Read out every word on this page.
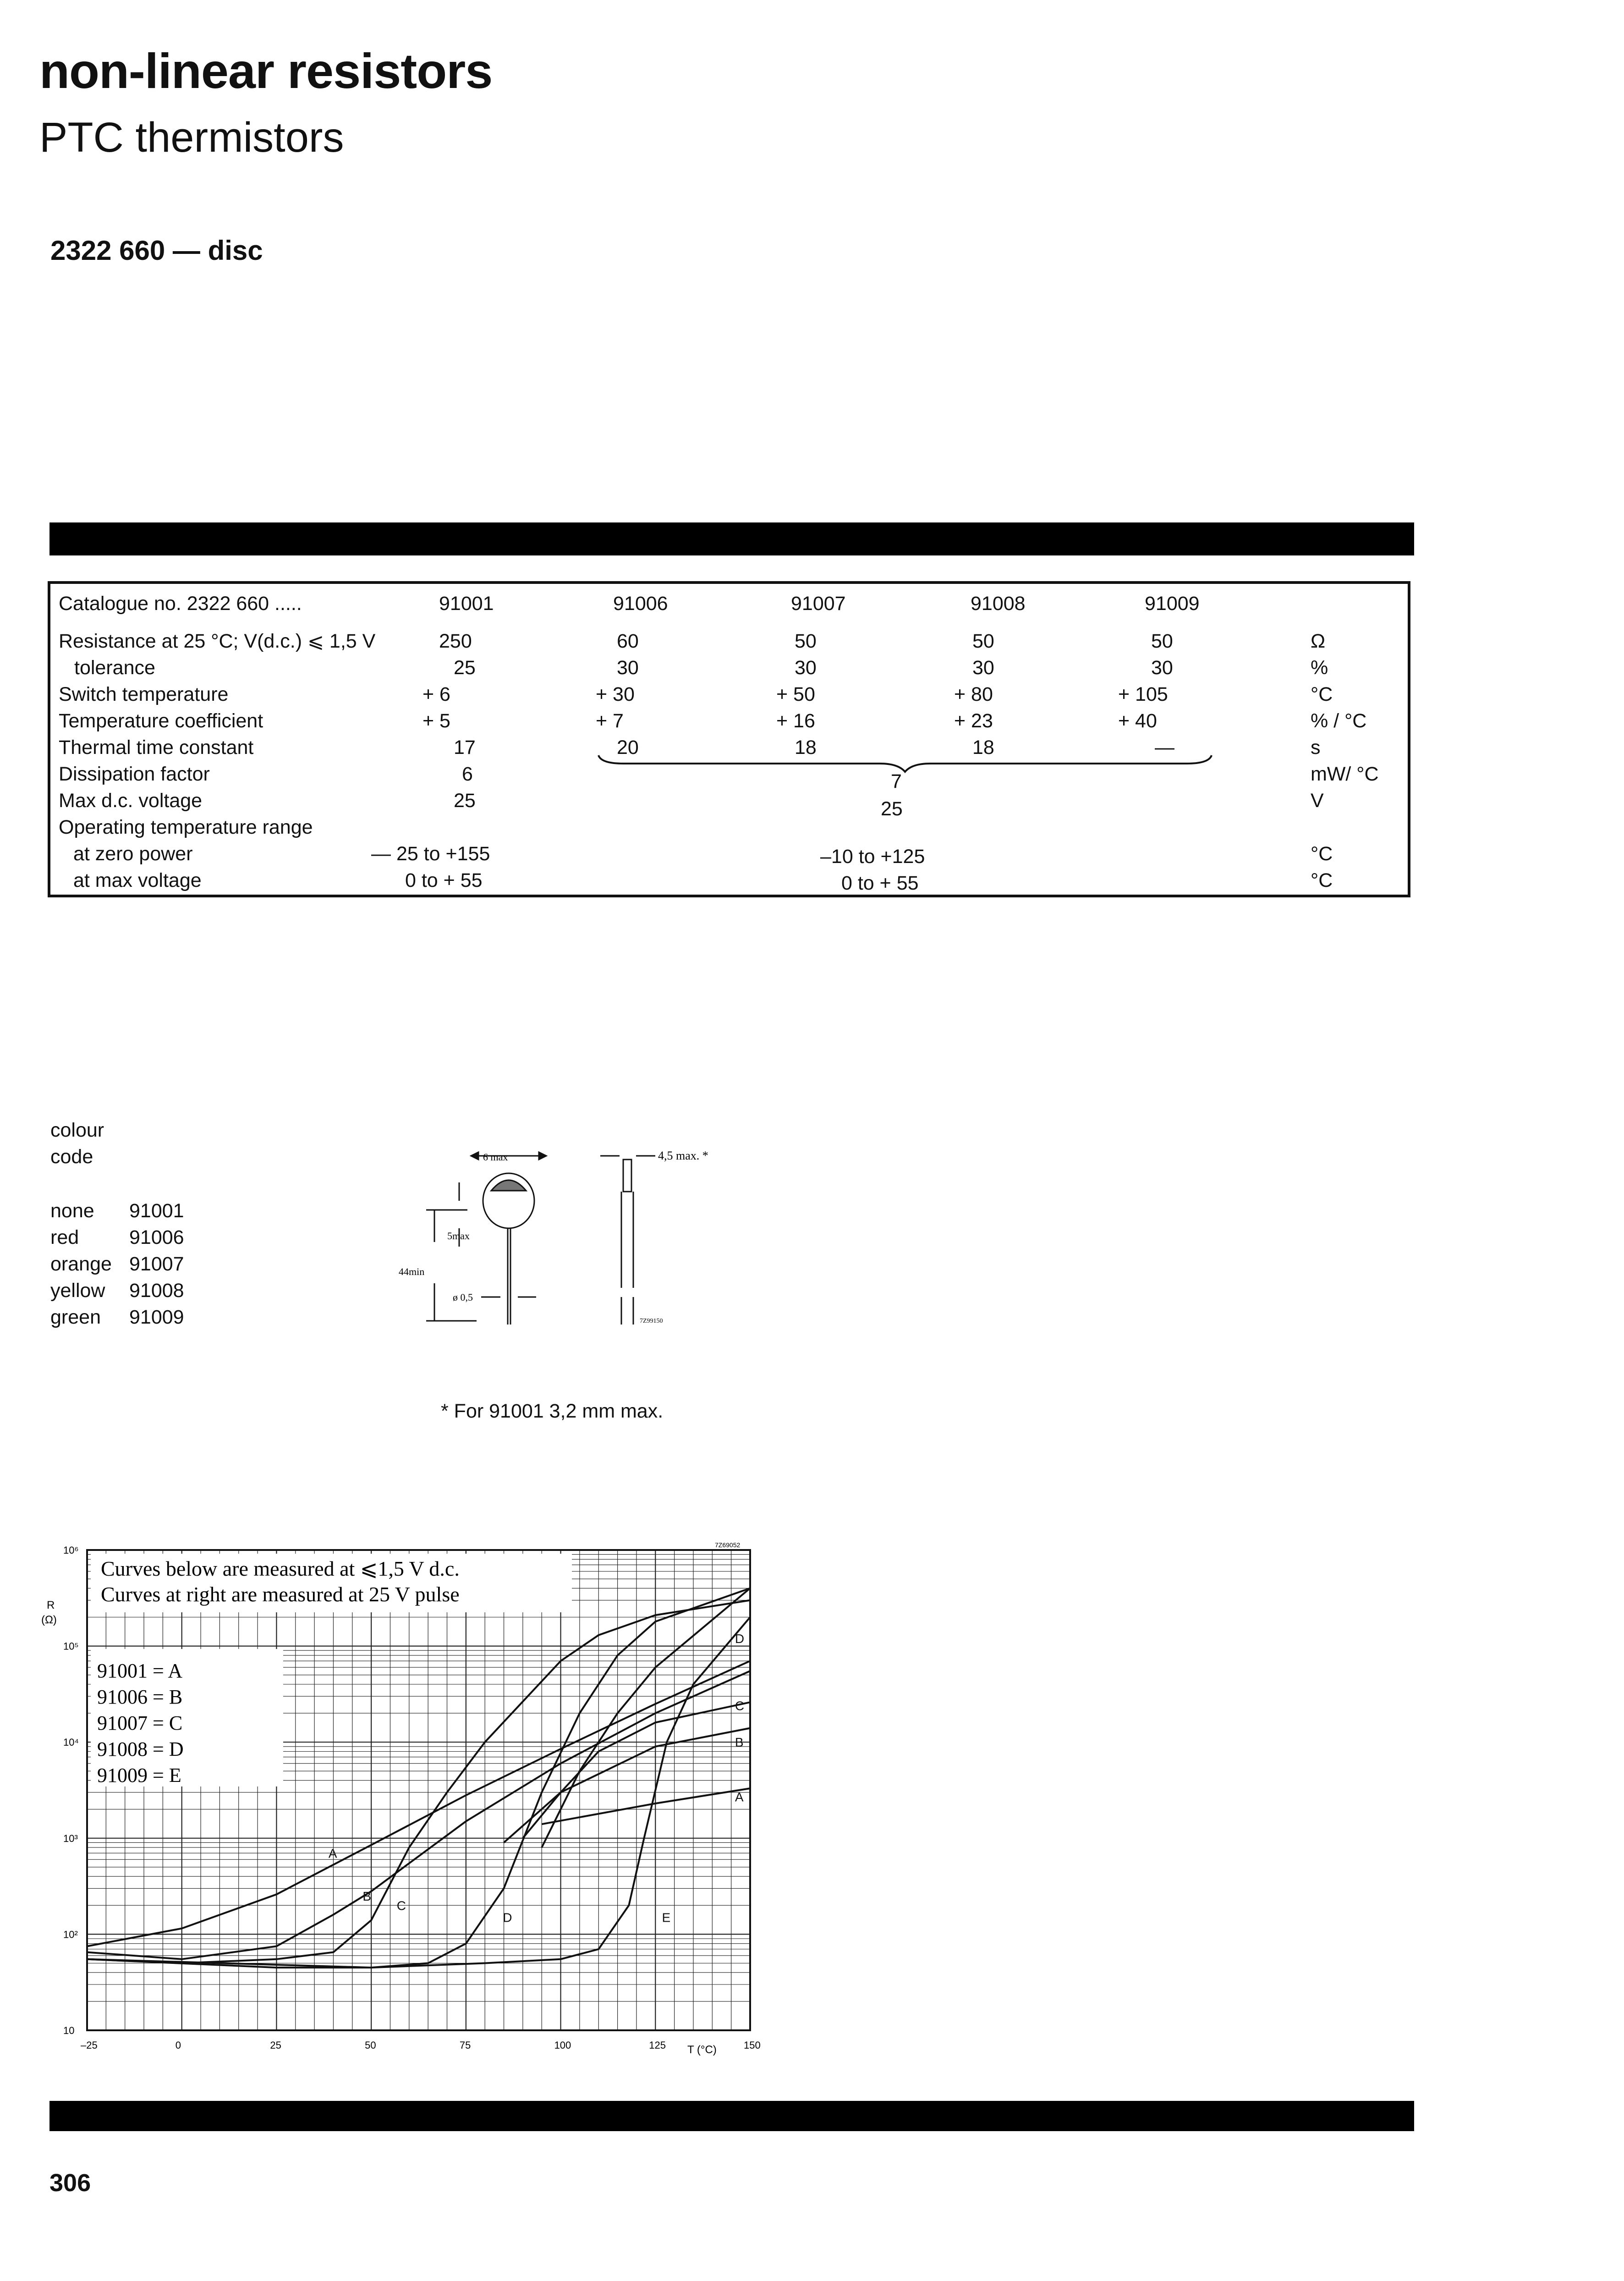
non-linear resistors
PTC thermistors
2322 660 — disc
Catalogue no. 2322 660 .....	91001	91006	91007	91008	91009
Resistance at 25 °C; V(d.c.) ⩽ 1,5 V	250	60	50	50	50	Ω
tolerance	25	30	30	30	30	%
Switch temperature	+ 6	+ 30	+ 50	+ 80	+ 105	°C
Temperature coefficient	+ 5	+ 7	+ 16	+ 23	+ 40	% / °C
Thermal time constant	17	20	18	18	—	s
Dissipation factor	6	7	mW/ °C
Max d.c. voltage	25	25	V
Operating temperature range
at zero power	— 25 to +155	–10 to +125	°C
at max voltage	0 to + 55	0 to + 55	°C
colour
code
none 91001
red	91006
orange 91007
yellow 91008
green 91009
6 max
5max
44min
ø 0,5
4,5 max. *
7Z99150
* For 91001 3,2 mm max.
–25	0	25	50	75	100	125	150
10
10²
10³
10⁴
10⁵
10⁶
Curves below are measured at ⩽1,5 V d.c.
Curves at right are measured at 25 V pulse
91001 = A
91006 = B
91007 = C
91008 = D
91009 = E
A
A
B
B
C
C
D
D
E
R
(Ω)
T (°C)
7Z69052
306
